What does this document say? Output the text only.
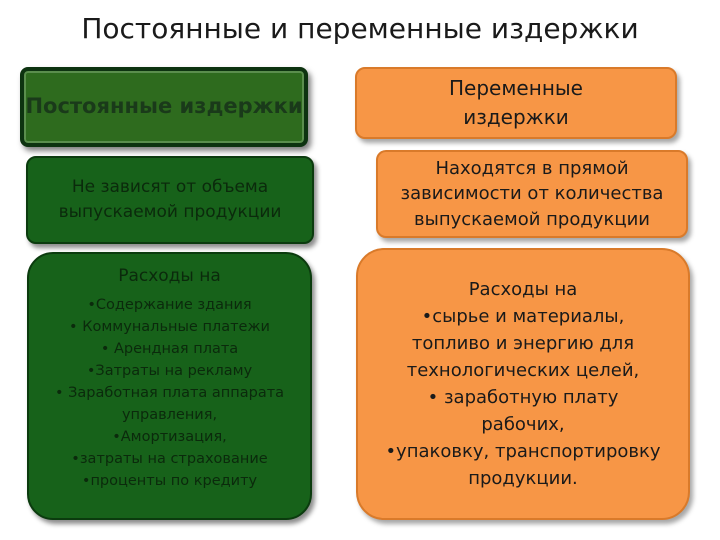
Постоянные и переменные издержки
Постоянные издержки
Не зависят от объема выпускаемой продукции
Расходы на
•Содержание здания
• Коммунальные платежи
• Арендная плата
•Затраты на рекламу
• Заработная плата аппарата управления,
•Амортизация,
•затраты на страхование
•проценты по кредиту
Переменные издержки
Находятся в прямой зависимости от количества выпускаемой продукции
Расходы на
•сырье и материалы, топливо и энергию для технологических целей,
• заработную плату рабочих,
•упаковку, транспортировку продукции.
